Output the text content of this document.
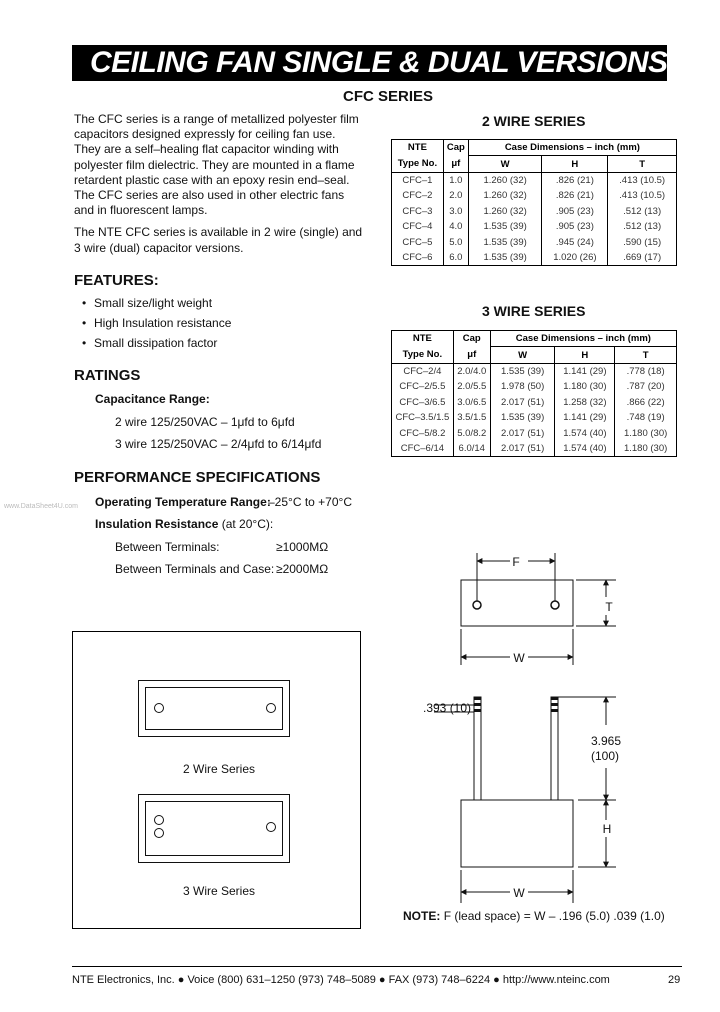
CEILING FAN SINGLE & DUAL VERSIONS
CFC SERIES

The CFC series is a range of metallized polyester film capacitors designed expressly for ceiling fan use. They are a self–healing flat capacitor winding with polyester film dielectric. They are mounted in a flame retardent plastic case with an epoxy resin end–seal. The CFC series are also used in other electric fans and in fluorescent lamps.

The NTE CFC series is available in 2 wire (single) and 3 wire (dual) capacitor versions.

FEATURES:
• Small size/light weight
• High Insulation resistance
• Small dissipation factor
RATINGS
Capacitance Range:
2 wire 125/250VAC – 1μfd to 6μfd
3 wire 125/250VAC – 2/4μfd to 6/14μfd
PERFORMANCE SPECIFICATIONS
Operating Temperature Range:
–25°C to +70°C
Insulation Resistance (at 20°C):
Between Terminals:	≥1000MΩ
Between Terminals and Case: ≥2000MΩ
www.DataSheet4U.com
2 WIRE SERIES
NTE	Cap	Case Dimensions – inch (mm)		
Type No.	μf	W	H	T
CFC–1	1.0	1.260 (32)	.826 (21)	.413 (10.5)
CFC–2	2.0	1.260 (32)	.826 (21)	.413 (10.5)
CFC–3	3.0	1.260 (32)	.905 (23)	.512 (13)
CFC–4	4.0	1.535 (39)	.905 (23)	.512 (13)
CFC–5	5.0	1.535 (39)	.945 (24)	.590 (15)
CFC–6	6.0	1.535 (39)	1.020 (26)	.669 (17)
3 WIRE SERIES
NTE	Cap	Case Dimensions – inch (mm)		
Type No.	μf	W	H	T
CFC–2/4	2.0/4.0	1.535 (39)	1.141 (29)	.778 (18)
CFC–2/5.5	2.0/5.5	1.978 (50)	1.180 (30)	.787 (20)
CFC–3/6.5	3.0/6.5	2.017 (51)	1.258 (32)	.866 (22)
CFC–3.5/1.5	3.5/1.5	1.535 (39)	1.141 (29)	.748 (19)
CFC–5/8.2	5.0/8.2	2.017 (51)	1.574 (40)	1.180 (30)
CFC–6/14	6.0/14	2.017 (51)	1.574 (40)	1.180 (30)
2 Wire Series
3 Wire Series
F
T
W
.393 (10)
3.965
(100)
H
W
NOTE: F (lead space) = W – .196 (5.0) .039 (1.0)
NTE Electronics, Inc. ● Voice (800) 631–1250 (973) 748–5089 ● FAX (973) 748–6224 ● http://www.nteinc.com	29
